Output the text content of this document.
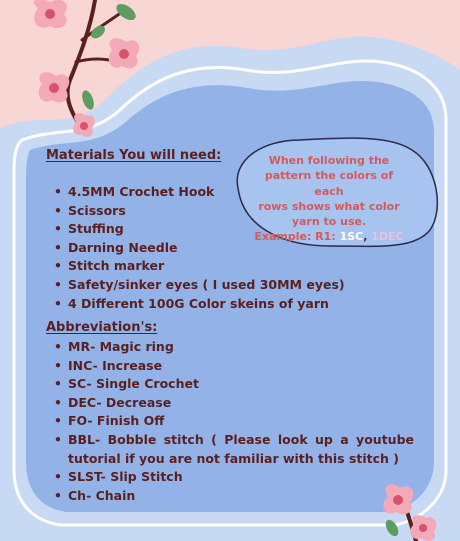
Materials You will need:
• 4.5MM Crochet Hook
• Scissors
• Stuffing
• Darning Needle
• Stitch marker
• Safety/sinker eyes ( I used 30MM eyes)
• 4 Different 100G Color skeins of yarn
When following the
pattern the colors of each
rows shows what color
yarn to use.
Example: R1: 1SC, 1DEC
Abbreviation's:
• MR- Magic ring
• INC- Increase
• SC- Single Crochet
• DEC- Decrease
• FO- Finish Off
• BBL- Bobble stitch ( Please look up a youtube tutorial if you are not familiar with this stitch )
• SLST- Slip Stitch
• Ch- Chain
